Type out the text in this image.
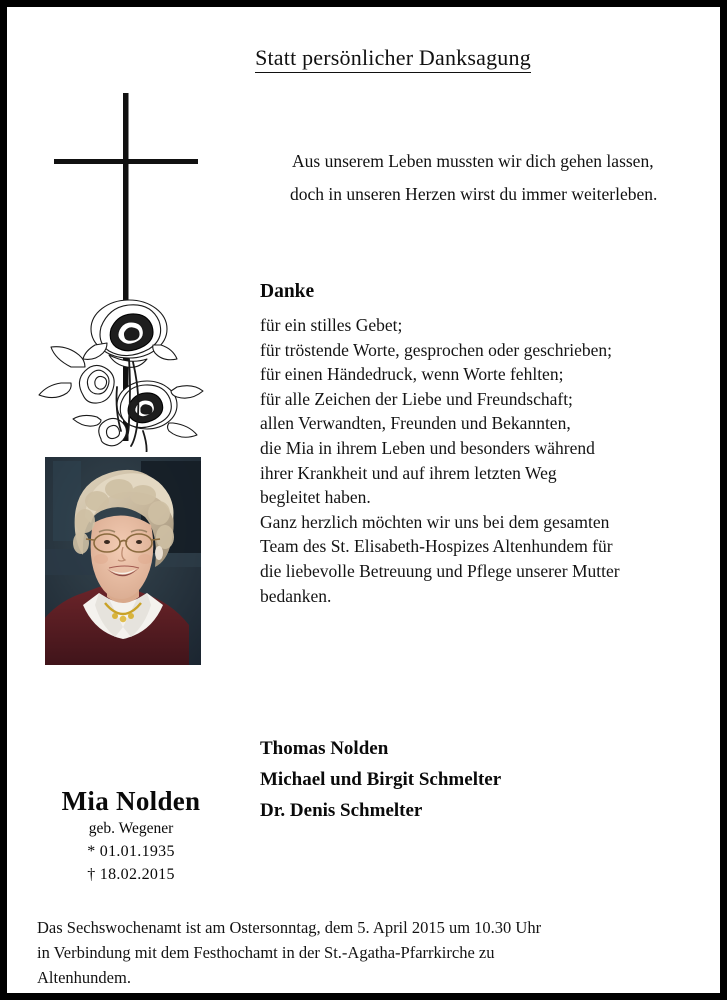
Statt persönlicher Danksagung
Aus unserem Leben mussten wir dich gehen lassen,
doch in unseren Herzen wirst du immer weiterleben.
Danke
für ein stilles Gebet;
für tröstende Worte, gesprochen oder geschrieben;
für einen Händedruck, wenn Worte fehlten;
für alle Zeichen der Liebe und Freundschaft;
allen Verwandten, Freunden und Bekannten,
die Mia in ihrem Leben und besonders während
ihrer Krankheit und auf ihrem letzten Weg
begleitet haben.
Ganz herzlich möchten wir uns bei dem gesamten
Team des St. Elisabeth-Hospizes Altenhundem für
die liebevolle Betreuung und Pflege unserer Mutter
bedanken.
Thomas Nolden
Michael und Birgit Schmelter
Dr. Denis Schmelter
Mia Nolden
geb. Wegener
* 01.01.1935
† 18.02.2015
Das Sechswochenamt ist am Ostersonntag, dem 5. April 2015 um 10.30 Uhr
in Verbindung mit dem Festhochamt in der St.-Agatha-Pfarrkirche zu
Altenhundem.
